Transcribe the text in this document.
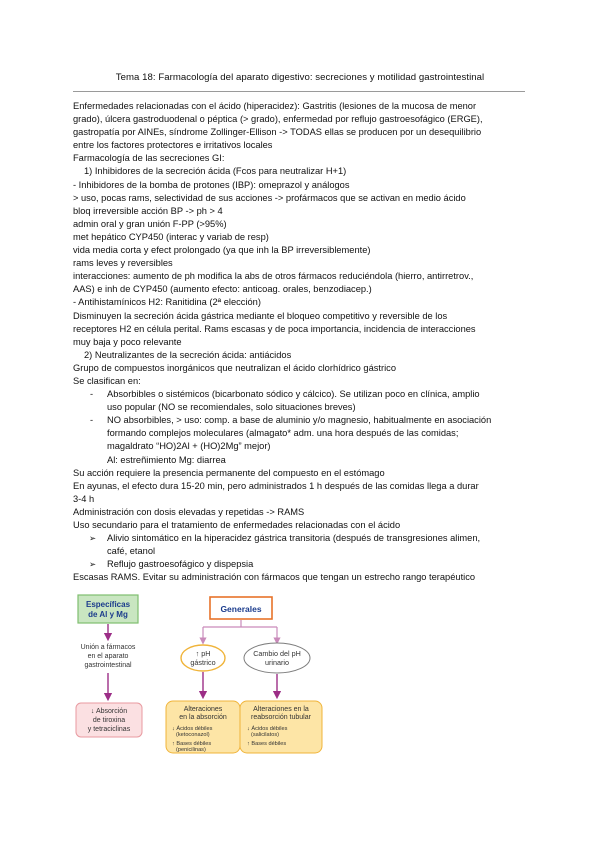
Tema 18: Farmacología del aparato digestivo: secreciones y motilidad gastrointestinal

Enfermedades relacionadas con el ácido (hiperacidez): Gastritis (lesiones de la mucosa de menor

grado), úlcera gastroduodenal o péptica (> grado), enfermedad por reflujo gastroesofágico (ERGE),

gastropatía por AINEs, síndrome Zollinger-Ellison -> TODAS ellas se producen por un desequilibrio

entre los factores protectores e irritativos locales

Farmacología de las secreciones GI:

1) Inhibidores de la secreción ácida (Fcos para neutralizar H+1)

- Inhibidores de la bomba de protones (IBP): omeprazol y análogos

> uso, pocas rams, selectividad de sus acciones -> profármacos que se activan en medio ácido

bloq irreversible acción BP -> ph > 4

admin oral y gran unión F-PP (>95%)

met hepático CYP450 (interac y variab de resp)

vida media corta y efect prolongado (ya que inh la BP irreversiblemente)

rams leves y reversibles

interacciones: aumento de ph modifica la abs de otros fármacos reduciéndola (hierro, antirretrov.,

AAS) e inh de CYP450 (aumento efecto: anticoag. orales, benzodiacep.)

- Antihistamínicos H2: Ranitidina (2ª elección)

Disminuyen la secreción ácida gástrica mediante el bloqueo competitivo y reversible de los

receptores H2 en célula perital. Rams escasas y de poca importancia, incidencia de interacciones

muy baja y poco relevante

2) Neutralizantes de la secreción ácida: antiácidos

Grupo de compuestos inorgánicos que neutralizan el ácido clorhídrico gástrico

Se clasifican en:

- Absorbibles o sistémicos (bicarbonato sódico y cálcico). Se utilizan poco en clínica, amplio

uso popular (NO se recomiendales, solo situaciones breves)

- NO absorbibles, > uso: comp. a base de aluminio y/o magnesio, habitualmente en asociación

formando complejos moleculares (almagato* adm. una hora después de las comidas;

magaldrato “HO)2Al + (HO)2Mg” mejor)

Al: estreñimiento Mg: diarrea

Su acción requiere la presencia permanente del compuesto en el estómago

En ayunas, el efecto dura 15-20 min, pero administrados 1 h después de las comidas llega a durar

3-4 h

Administración con dosis elevadas y repetidas -> RAMS

Uso secundario para el tratamiento de enfermedades relacionadas con el ácido

➢ Alivio sintomático en la hiperacidez gástrica transitoria (después de transgresiones alimen,

café, etanol

➢ Reflujo gastroesofágico y dispepsia

Escasas RAMS. Evitar su administración con fármacos que tengan un estrecho rango terapéutico

Específicas
de Al y Mg
Generales
Unión a fármacos
en el aparato
gastrointestinal
↓ Absorción
de tiroxina
y tetraciclinas
↑ pH
gástrico
Cambio del pH
urinario
Alteraciones
en la absorción
↓ Ácidos débiles
(ketoconazol)
↑ Bases débiles
(penicilinas)
Alteraciones en la
reabsorción tubular
↓ Ácidos débiles
(salicilatos)
↑ Bases débiles
